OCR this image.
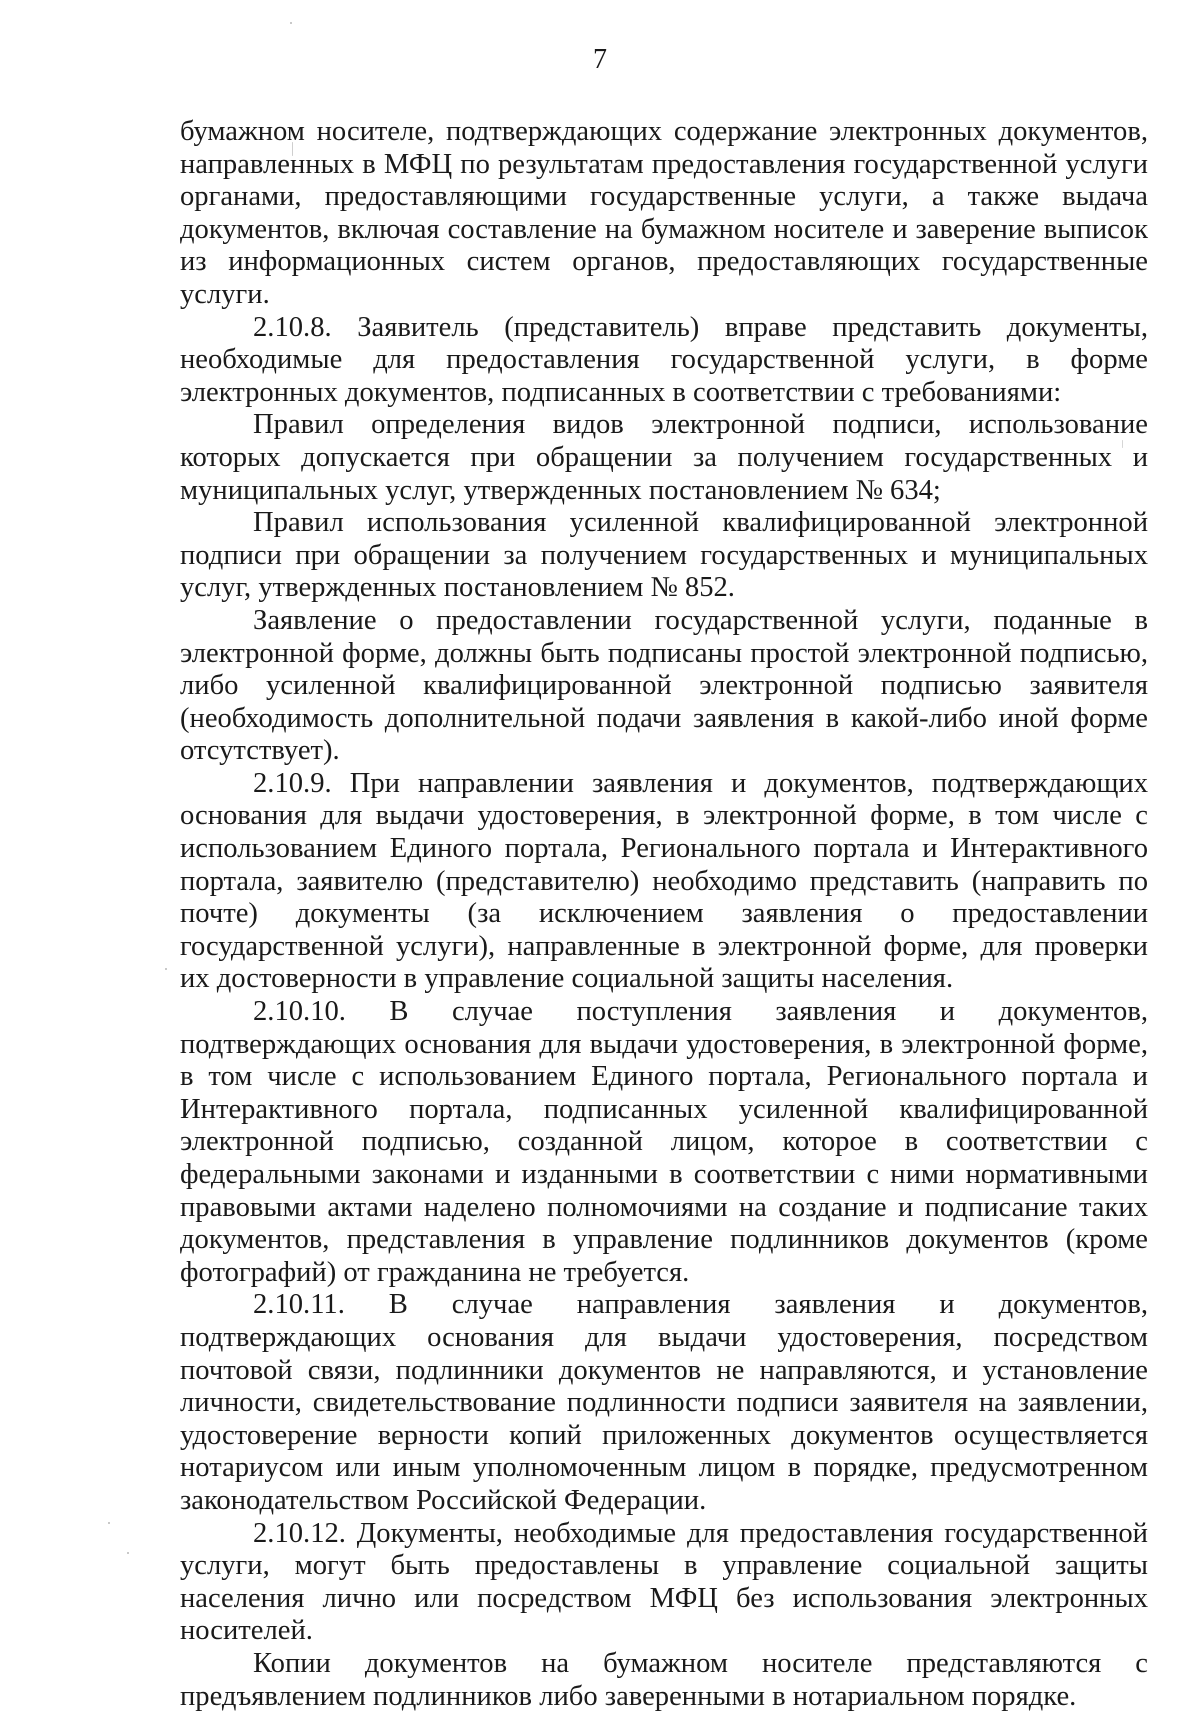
7

бумажном носителе, подтверждающих содержание электронных документов, направленных в МФЦ по результатам предоставления государственной услуги органами, предоставляющими государственные услуги, а также выдача документов, включая составление на бумажном носителе и заверение выписок из информационных систем органов, предоставляющих государственные услуги.

2.10.8. Заявитель (представитель) вправе представить документы, необходимые для предоставления государственной услуги, в форме электронных документов, подписанных в соответствии с требованиями:

Правил определения видов электронной подписи, использование которых допускается при обращении за получением государственных и муниципальных услуг, утвержденных постановлением № 634;

Правил использования усиленной квалифицированной электронной подписи при обращении за получением государственных и муниципальных услуг, утвержденных постановлением № 852.

Заявление о предоставлении государственной услуги, поданные в электронной форме, должны быть подписаны простой электронной подписью, либо усиленной квалифицированной электронной подписью заявителя (необходимость дополнительной подачи заявления в какой-либо иной форме отсутствует).

2.10.9. При направлении заявления и документов, подтверждающих основания для выдачи удостоверения, в электронной форме, в том числе с использованием Единого портала, Регионального портала и Интерактивного портала, заявителю (представителю) необходимо представить (направить по почте) документы (за исключением заявления о предоставлении государственной услуги), направленные в электронной форме, для проверки их достоверности в управление социальной защиты населения.

2.10.10. В случае поступления заявления и документов, подтверждающих основания для выдачи удостоверения, в электронной форме, в том числе с использованием Единого портала, Регионального портала и Интерактивного портала, подписанных усиленной квалифицированной электронной подписью, созданной лицом, которое в соответствии с федеральными законами и изданными в соответствии с ними нормативными правовыми актами наделено полномочиями на создание и подписание таких документов, представления в управление подлинников документов (кроме фотографий) от гражданина не требуется.

2.10.11. В случае направления заявления и документов, подтверждающих основания для выдачи удостоверения, посредством почтовой связи, подлинники документов не направляются, и установление личности, свидетельствование подлинности подписи заявителя на заявлении, удостоверение верности копий приложенных документов осуществляется нотариусом или иным уполномоченным лицом в порядке, предусмотренном законодательством Российской Федерации.

2.10.12. Документы, необходимые для предоставления государственной услуги, могут быть предоставлены в управление социальной защиты населения лично или посредством МФЦ без использования электронных носителей.

Копии документов на бумажном носителе представляются с предъявлением подлинников либо заверенными в нотариальном порядке.
